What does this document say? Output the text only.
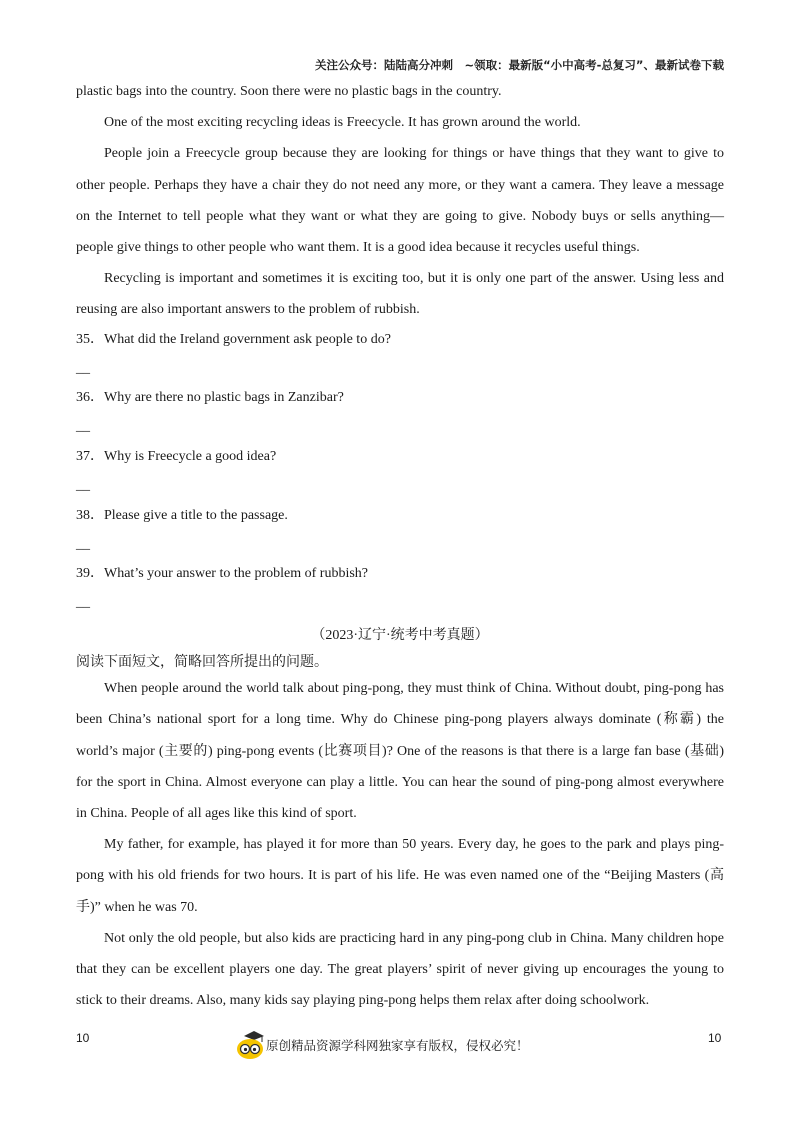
关注公众号：陆陆高分冲刺　~领取：最新版“小中高考-总复习”、最新试卷下载
plastic bags into the country. Soon there were no plastic bags in the country.

One of the most exciting recycling ideas is Freecycle. It has grown around the world.

People join a Freecycle group because they are looking for things or have things that they want to give to other people. Perhaps they have a chair they do not need any more, or they want a camera. They leave a message on the Internet to tell people what they want or what they are going to give. Nobody buys or sells anything—people give things to other people who want them. It is a good idea because it recycles useful things.

Recycling is important and sometimes it is exciting too, but it is only one part of the answer. Using less and reusing are also important answers to the problem of rubbish.

35．What did the Ireland government ask people to do?

__

36．Why are there no plastic bags in Zanzibar?

__

37．Why is Freecycle a good idea?

__

38．Please give a title to the passage.

__

39．What’s your answer to the problem of rubbish?

__

（2023·辽宁·统考中考真题）

阅读下面短文，简略回答所提出的问题。

When people around the world talk about ping-pong, they must think of China. Without doubt, ping-pong has been China’s national sport for a long time. Why do Chinese ping-pong players always dominate (称霸) the world’s major (主要的) ping-pong events (比赛项目)? One of the reasons is that there is a large fan base (基础) for the sport in China. Almost everyone can play a little. You can hear the sound of ping-pong almost everywhere in China. People of all ages like this kind of sport.

My father, for example, has played it for more than 50 years. Every day, he goes to the park and plays ping-pong with his old friends for two hours. It is part of his life. He was even named one of the “Beijing Masters (高手)” when he was 70.

Not only the old people, but also kids are practicing hard in any ping-pong club in China. Many children hope that they can be excellent players one day. The great players’ spirit of never giving up encourages the young to stick to their dreams. Also, many kids say playing ping-pong helps them relax after doing schoolwork.

10	原创精品资源学科网独家享有版权，侵权必究！	10
